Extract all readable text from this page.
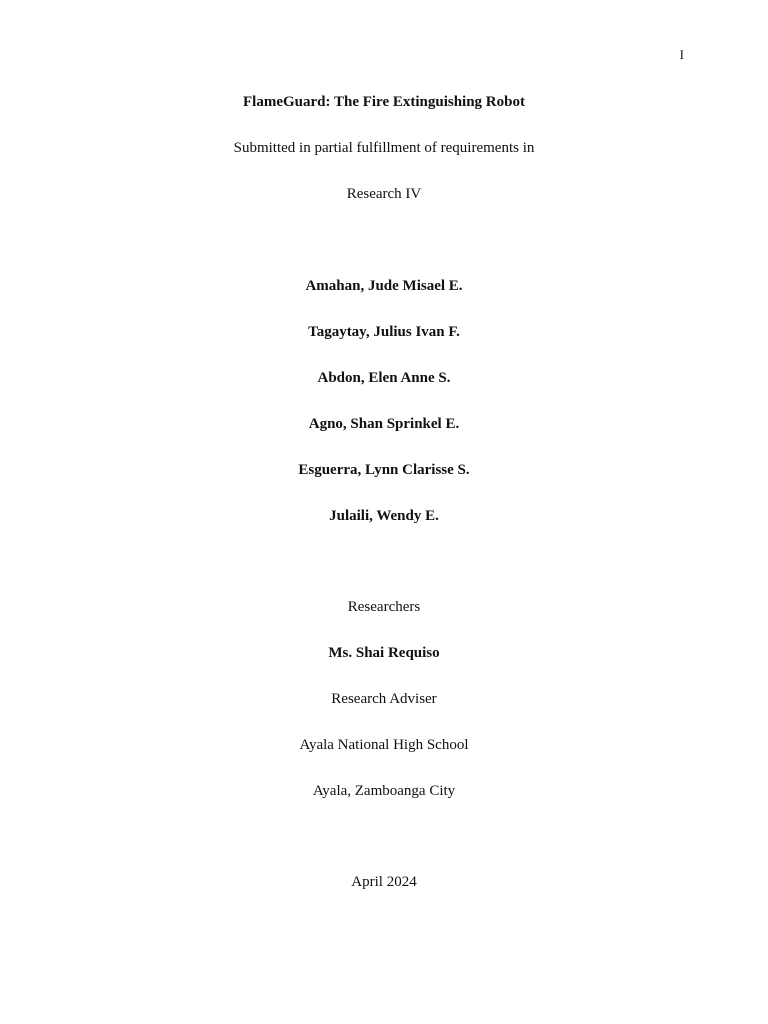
I
FlameGuard: The Fire Extinguishing Robot
Submitted in partial fulfillment of requirements in
Research IV
Amahan, Jude Misael E.
Tagaytay, Julius Ivan F.
Abdon, Elen Anne S.
Agno, Shan Sprinkel E.
Esguerra, Lynn Clarisse S.
Julaili, Wendy E.
Researchers
Ms. Shai Requiso
Research Adviser
Ayala National High School
Ayala, Zamboanga City
April 2024
